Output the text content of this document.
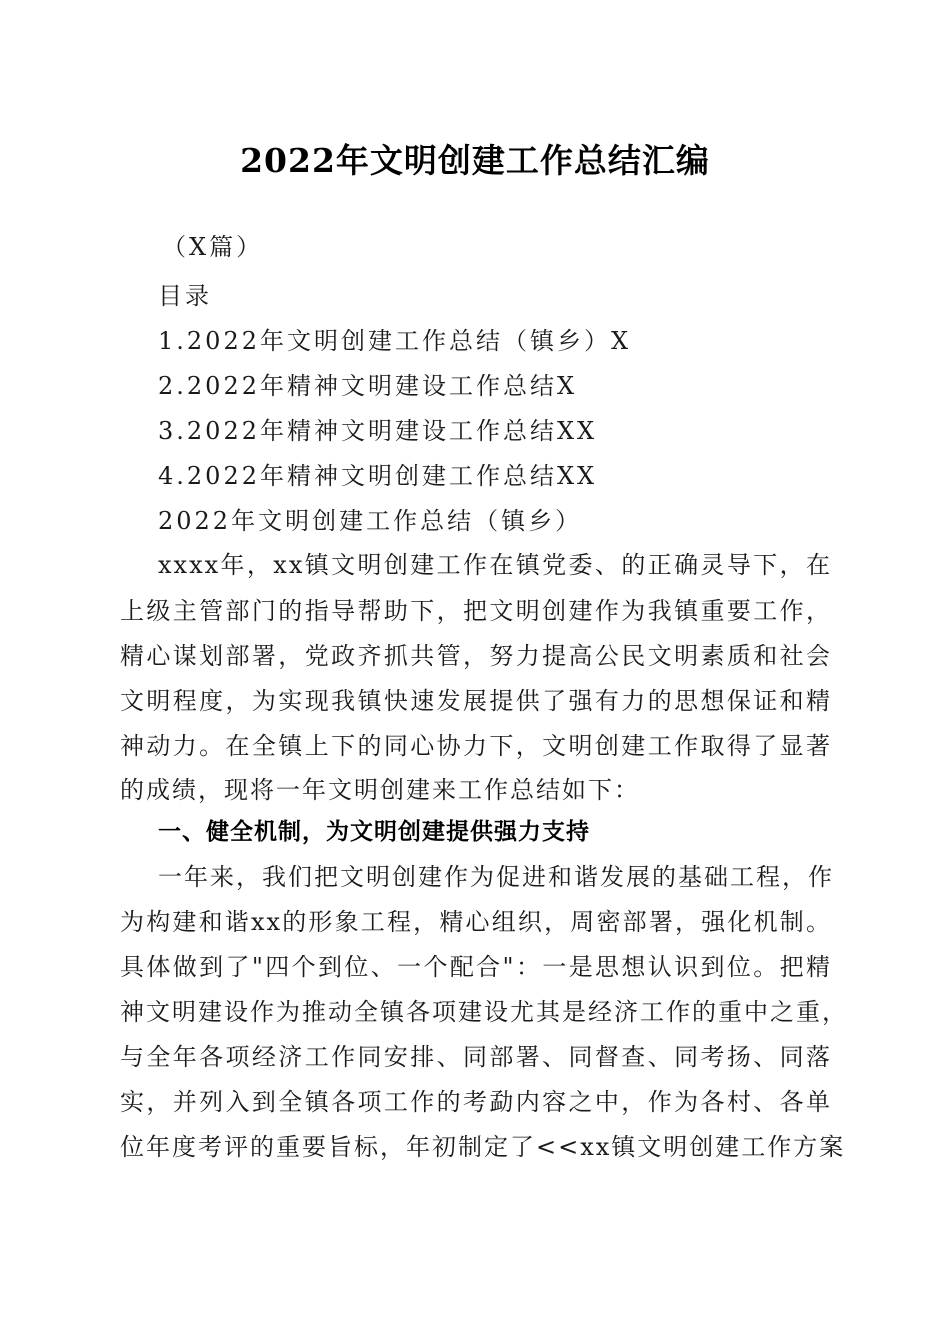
2022年文明创建工作总结汇编
（X篇）
目录
1.2022年文明创建工作总结（镇乡）X
2.2022年精神文明建设工作总结X
3.2022年精神文明建设工作总结XX
4.2022年精神文明创建工作总结XX
2022年文明创建工作总结（镇乡）
xxxx年，xx镇文明创建工作在镇党委、的正确灵导下，在
上级主管部门的指导帮助下，把文明创建作为我镇重要工作，
精心谋划部署，党政齐抓共管，努力提高公民文明素质和社会
文明程度，为实现我镇快速发展提供了强有力的思想保证和精
神动力。在全镇上下的同心协力下，文明创建工作取得了显著
的成绩，现将一年文明创建来工作总结如下：
一、健全机制，为文明创建提供强力支持
一年来，我们把文明创建作为促进和谐发展的基础工程，作
为构建和谐xx的形象工程，精心组织，周密部署，强化机制。
具体做到了"四个到位、一个配合"：一是思想认识到位。把精
神文明建设作为推动全镇各项建设尤其是经济工作的重中之重，
与全年各项经济工作同安排、同部署、同督查、同考扬、同落
实，并列入到全镇各项工作的考勐内容之中，作为各村、各单
位年度考评的重要旨标，年初制定了<<xx镇文明创建工作方案
